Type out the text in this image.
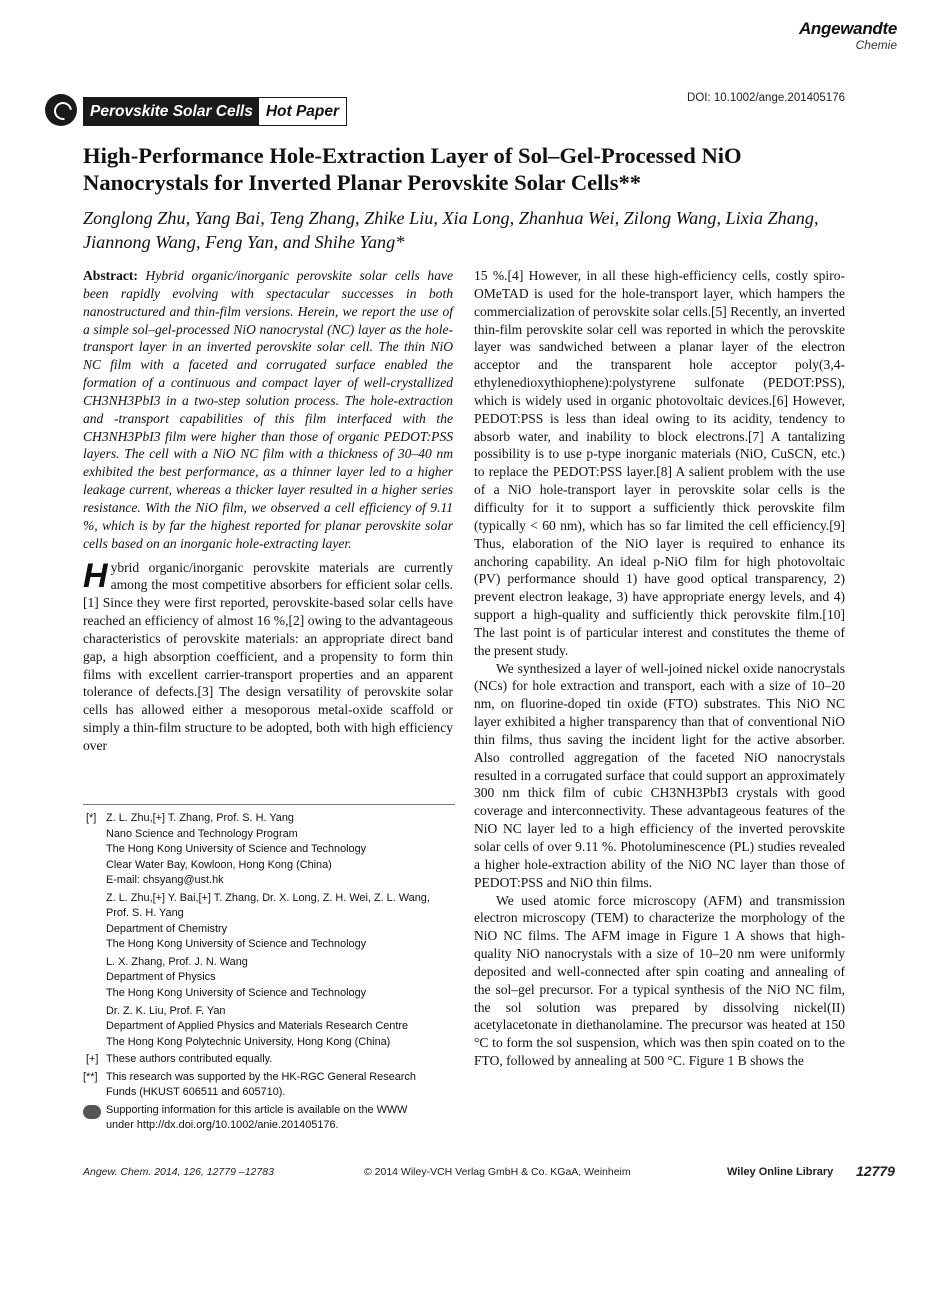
Angewandte
Chemie
Perovskite Solar Cells Hot Paper
DOI: 10.1002/ange.201405176
High-Performance Hole-Extraction Layer of Sol–Gel-Processed NiO Nanocrystals for Inverted Planar Perovskite Solar Cells**
Zonglong Zhu, Yang Bai, Teng Zhang, Zhike Liu, Xia Long, Zhanhua Wei, Zilong Wang, Lixia Zhang, Jiannong Wang, Feng Yan, and Shihe Yang*

Abstract: Hybrid organic/inorganic perovskite solar cells have been rapidly evolving with spectacular successes in both nanostructured and thin-film versions. Herein, we report the use of a simple sol–gel-processed NiO nanocrystal (NC) layer as the hole-transport layer in an inverted perovskite solar cell. The thin NiO NC film with a faceted and corrugated surface enabled the formation of a continuous and compact layer of well-crystallized CH3NH3PbI3 in a two-step solution process. The hole-extraction and -transport capabilities of this film interfaced with the CH3NH3PbI3 film were higher than those of organic PEDOT:PSS layers. The cell with a NiO NC film with a thickness of 30–40 nm exhibited the best performance, as a thinner layer led to a higher leakage current, whereas a thicker layer resulted in a higher series resistance. With the NiO film, we observed a cell efficiency of 9.11 %, which is by far the highest reported for planar perovskite solar cells based on an inorganic hole-extracting layer.

Hybrid organic/inorganic perovskite materials are currently among the most competitive absorbers for efficient solar cells.[1] Since they were first reported, perovskite-based solar cells have reached an efficiency of almost 16 %,[2] owing to the advantageous characteristics of perovskite materials: an appropriate direct band gap, a high absorption coefficient, and a propensity to form thin films with excellent carrier-transport properties and an apparent tolerance of defects.[3] The design versatility of perovskite solar cells has allowed either a mesoporous metal-oxide scaffold or simply a thin-film structure to be adopted, both with high efficiency over

[*] Z. L. Zhu,[+] T. Zhang, Prof. S. H. Yang
Nano Science and Technology Program
The Hong Kong University of Science and Technology
Clear Water Bay, Kowloon, Hong Kong (China)
E-mail: chsyang@ust.hk
Z. L. Zhu,[+] Y. Bai,[+] T. Zhang, Dr. X. Long, Z. H. Wei, Z. L. Wang,
Prof. S. H. Yang
Department of Chemistry
The Hong Kong University of Science and Technology
L. X. Zhang, Prof. J. N. Wang
Department of Physics
The Hong Kong University of Science and Technology
Dr. Z. K. Liu, Prof. F. Yan
Department of Applied Physics and Materials Research Centre
The Hong Kong Polytechnic University, Hong Kong (China)
[+] These authors contributed equally.
[**] This research was supported by the HK-RGC General Research
Funds (HKUST 606511 and 605710).
Supporting information for this article is available on the WWW
under http://dx.doi.org/10.1002/anie.201405176.

15 %.[4] However, in all these high-efficiency cells, costly spiro-OMeTAD is used for the hole-transport layer, which hampers the commercialization of perovskite solar cells.[5] Recently, an inverted thin-film perovskite solar cell was reported in which the perovskite layer was sandwiched between a planar layer of the electron acceptor and the transparent hole acceptor poly(3,4-ethylenedioxythiophene):polystyrene sulfonate (PEDOT:PSS), which is widely used in organic photovoltaic devices.[6] However, PEDOT:PSS is less than ideal owing to its acidity, tendency to absorb water, and inability to block electrons.[7] A tantalizing possibility is to use p-type inorganic materials (NiO, CuSCN, etc.) to replace the PEDOT:PSS layer.[8] A salient problem with the use of a NiO hole-transport layer in perovskite solar cells is the difficulty for it to support a sufficiently thick perovskite film (typically < 60 nm), which has so far limited the cell efficiency.[9] Thus, elaboration of the NiO layer is required to enhance its anchoring capability. An ideal p-NiO film for high photovoltaic (PV) performance should 1) have good optical transparency, 2) prevent electron leakage, 3) have appropriate energy levels, and 4) support a high-quality and sufficiently thick perovskite film.[10] The last point is of particular interest and constitutes the theme of the present study.

We synthesized a layer of well-joined nickel oxide nanocrystals (NCs) for hole extraction and transport, each with a size of 10–20 nm, on fluorine-doped tin oxide (FTO) substrates. This NiO NC layer exhibited a higher transparency than that of conventional NiO thin films, thus saving the incident light for the active absorber. Also controlled aggregation of the faceted NiO nanocrystals resulted in a corrugated surface that could support an approximately 300 nm thick film of cubic CH3NH3PbI3 crystals with good coverage and interconnectivity. These advantageous features of the NiO NC layer led to a high efficiency of the inverted perovskite solar cells of over 9.11 %. Photoluminescence (PL) studies revealed a higher hole-extraction ability of the NiO NC layer than those of PEDOT:PSS and NiO thin films.

We used atomic force microscopy (AFM) and transmission electron microscopy (TEM) to characterize the morphology of the NiO NC films. The AFM image in Figure 1 A shows that high-quality NiO nanocrystals with a size of 10–20 nm were uniformly deposited and well-connected after spin coating and annealing of the sol–gel precursor. For a typical synthesis of the NiO NC film, the sol solution was prepared by dissolving nickel(II) acetylacetonate in diethanolamine. The precursor was heated at 150 °C to form the sol suspension, which was then spin coated on to the FTO, followed by annealing at 500 °C. Figure 1 B shows the

Angew. Chem. 2014, 126, 12779 –12783	© 2014 Wiley-VCH Verlag GmbH & Co. KGaA, Weinheim	Wiley Online Library 12779
